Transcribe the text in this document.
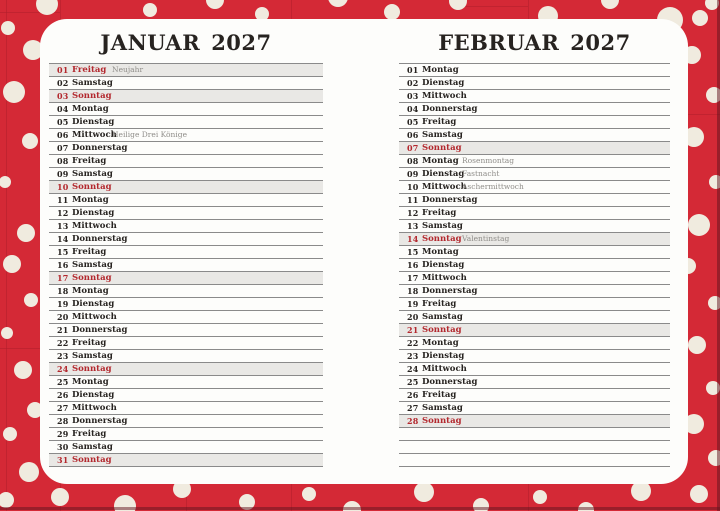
JANUAR 2027
01 Freitag Neujahr
02 Samstag
03 Sonntag
04 Montag
05 Dienstag
06 Mittwoch
Heilige Drei Könige
07 Donnerstag
08 Freitag
09 Samstag
10 Sonntag
11 Montag
12 Dienstag
13 Mittwoch
14 Donnerstag
15 Freitag
16 Samstag
17 Sonntag
18 Montag
19 Dienstag
20 Mittwoch
21 Donnerstag
22 Freitag
23 Samstag
24 Sonntag
25 Montag
26 Dienstag
27 Mittwoch
28 Donnerstag
29 Freitag
30 Samstag
31 Sonntag
FEBRUAR 2027
01 Montag
02 Dienstag
03 Mittwoch
04 Donnerstag
05 Freitag
06 Samstag
07 Sonntag
08 Montag Rosenmontag
09 Dienstag
Fastnacht
10 Mittwoch
Aschermittwoch
11 Donnerstag
12 Freitag
13 Samstag
14 Sonntag Valentinstag
15 Montag
16 Dienstag
17 Mittwoch
18 Donnerstag
19 Freitag
20 Samstag
21 Sonntag
22 Montag
23 Dienstag
24 Mittwoch
25 Donnerstag
26 Freitag
27 Samstag
28 Sonntag
